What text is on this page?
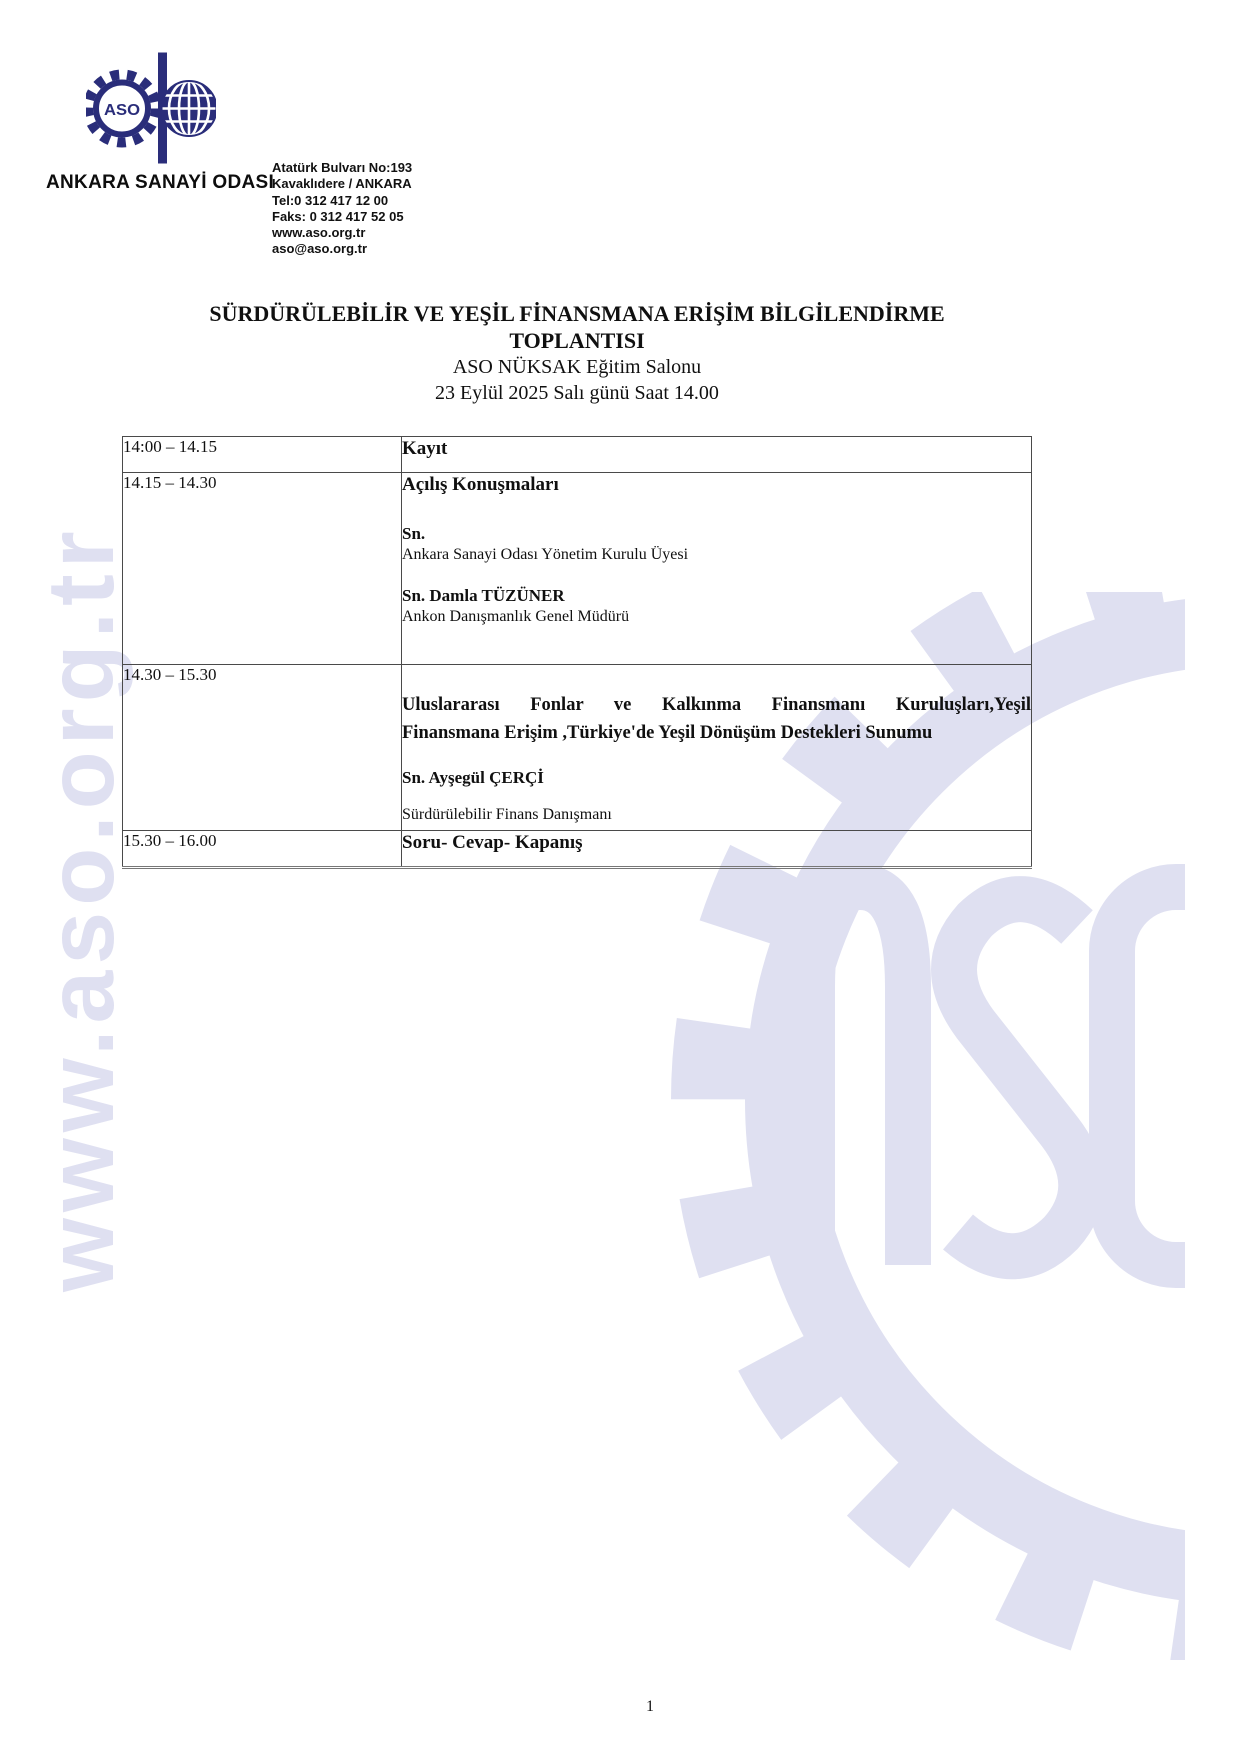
www.aso.org.tr
ASO
ANKARA SANAYİ ODASI
Atatürk Bulvarı No:193
Kavaklıdere / ANKARA
Tel:0 312 417 12 00
Faks: 0 312 417 52 05
www.aso.org.tr
aso@aso.org.tr
SÜRDÜRÜLEBİLİR VE YEŞİL FİNANSMANA ERİŞİM BİLGİLENDİRME
TOPLANTISI
ASO NÜKSAK Eğitim Salonu
23 Eylül 2025 Salı günü Saat 14.00
14:00 – 14.15	Kayıt

14.15 – 14.30	Açılış Konuşmaları
Sn.
Ankara Sanayi Odası Yönetim Kurulu Üyesi
Sn. Damla TÜZÜNER
Ankon Danışmanlık Genel Müdürü

14.30 – 15.30	Uluslararası Fonlar ve Kalkınma Finansmanı Kuruluşları,Yeşil
Finansmana Erişim ,Türkiye'de Yeşil Dönüşüm Destekleri Sunumu
Sn. Ayşegül ÇERÇİ
Sürdürülebilir Finans Danışmanı

15.30 – 16.00	Soru- Cevap- Kapanış
1
